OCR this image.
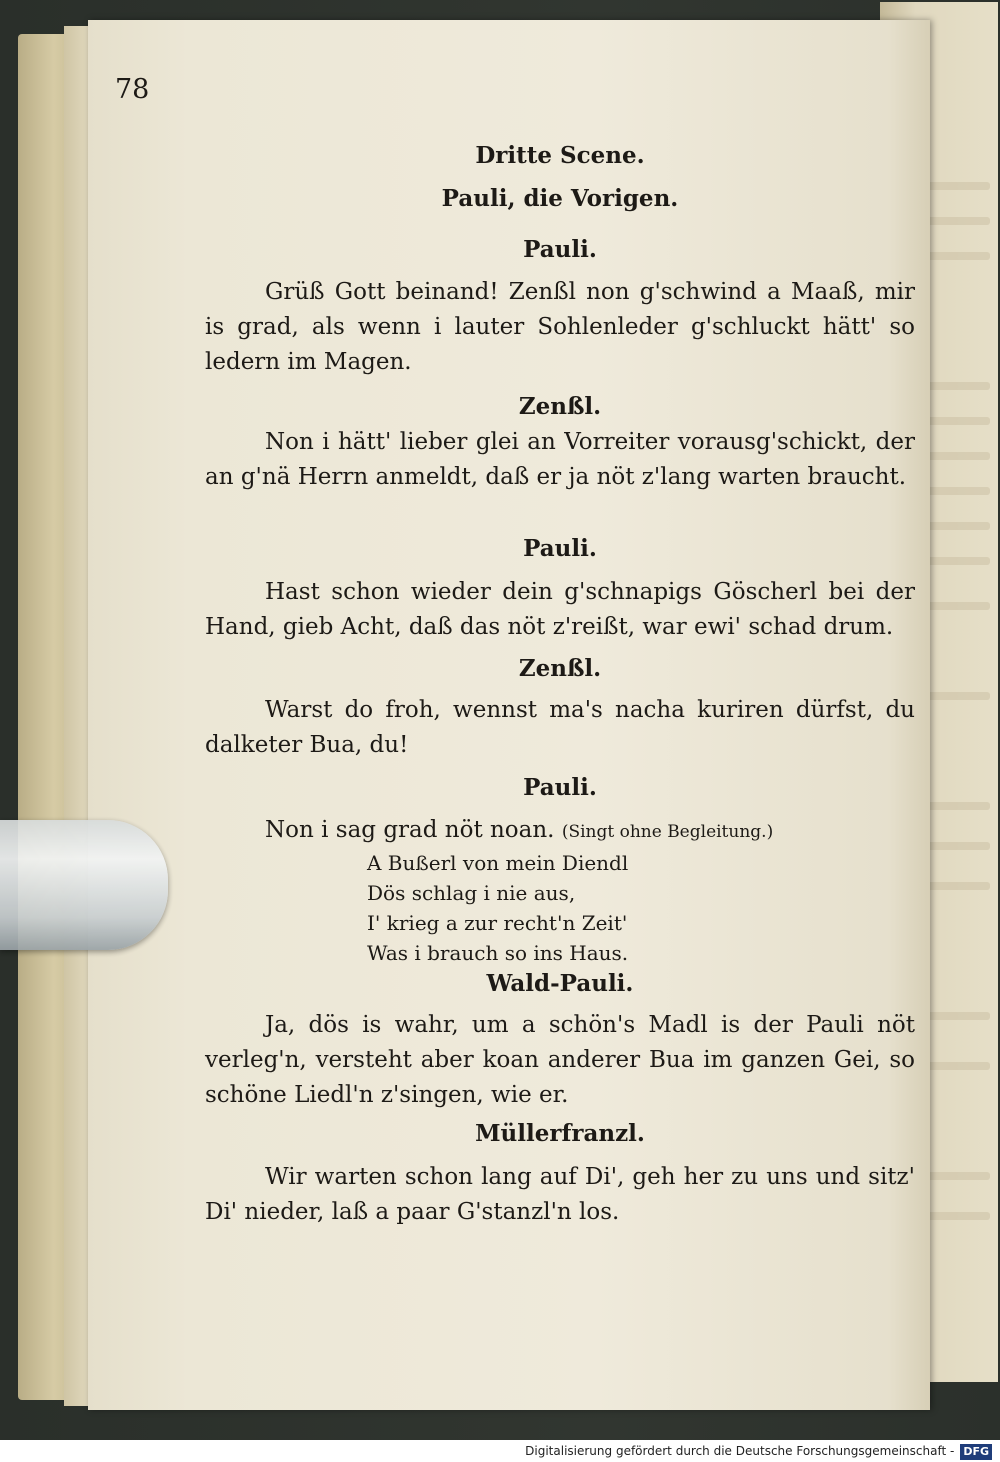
78
Dritte Scene.
Pauli, die Vorigen.
Pauli.
Grüß Gott beinand! Zenßl non g'schwind a Maaß, mir is grad, als wenn i lauter Sohlenleder g'schluckt hätt' so ledern im Magen.
Zenßl.
Non i hätt' lieber glei an Vorreiter vorausg'schickt, der an g'nä Herrn anmeldt, daß er ja nöt z'lang warten braucht.
Pauli.
Hast schon wieder dein g'schnapigs Göscherl bei der Hand, gieb Acht, daß das nöt z'reißt, war ewi' schad drum.
Zenßl.
Warst do froh, wennst ma's nacha kuriren dürfst, du dalketer Bua, du!
Pauli.
Non i sag grad nöt noan. (Singt ohne Begleitung.)
A Bußerl von mein Diendl
Dös schlag i nie aus,
I' krieg a zur recht'n Zeit'
Was i brauch so ins Haus.
Wald-Pauli.
Ja, dös is wahr, um a schön's Madl is der Pauli nöt verleg'n, versteht aber koan anderer Bua im ganzen Gei, so schöne Liedl'n z'singen, wie er.
Müllerfranzl.
Wir warten schon lang auf Di', geh her zu uns und sitz' Di' nieder, laß a paar G'stanzl'n los.
Digitalisierung gefördert durch die Deutsche Forschungsgemeinschaft - DFG
